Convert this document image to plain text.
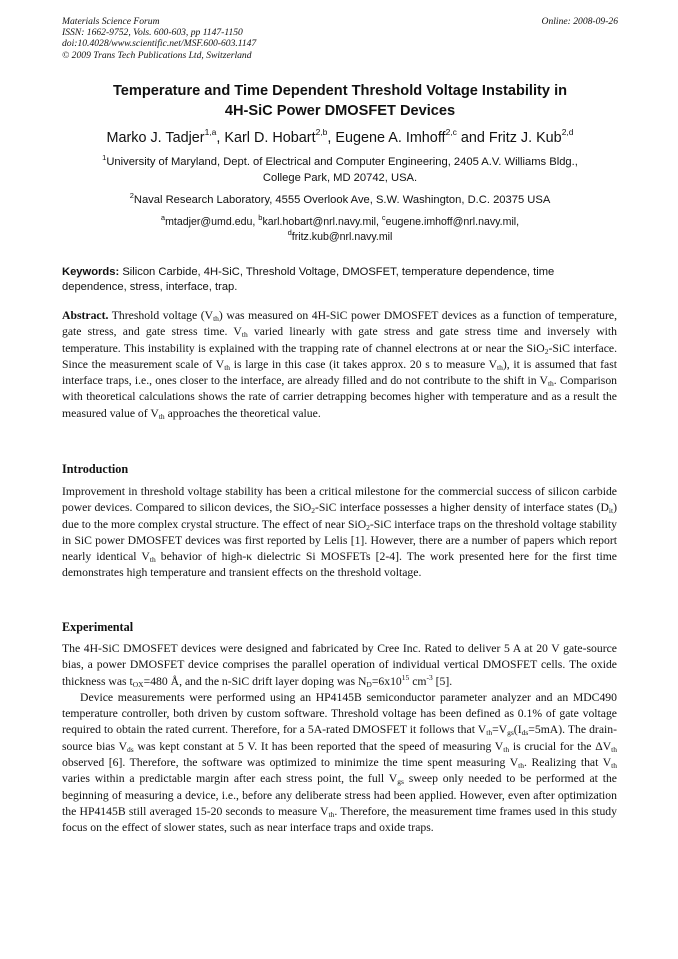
Materials Science Forum
ISSN: 1662-9752, Vols. 600-603, pp 1147-1150
doi:10.4028/www.scientific.net/MSF.600-603.1147
© 2009 Trans Tech Publications Ltd, Switzerland
Online: 2008-09-26
Temperature and Time Dependent Threshold Voltage Instability in
4H-SiC Power DMOSFET Devices
Marko J. Tadjer$^{1,a}$, Karl D. Hobart$^{2,b}$, Eugene A. Imhoff$^{2,c}$ and Fritz J. Kub$^{2,d}$
$^1$University of Maryland, Dept. of Electrical and Computer Engineering, 2405 A.V. Williams Bldg.,
College Park, MD 20742, USA.
$^2$Naval Research Laboratory, 4555 Overlook Ave, S.W. Washington, D.C. 20375 USA
$^a$mtadjer@umd.edu, $^b$karl.hobart@nrl.navy.mil, $^c$eugene.imhoff@nrl.navy.mil,
$^d$fritz.kub@nrl.navy.mil
Keywords: Silicon Carbide, 4H-SiC, Threshold Voltage, DMOSFET, temperature dependence, time dependence, stress, interface, trap.
Abstract. Threshold voltage $(V_{th})$ was measured on 4H-SiC power DMOSFET devices as a function of temperature, gate stress, and gate stress time. $V_{th}$ varied linearly with gate stress and gate stress time and inversely with temperature. This instability is explained with the trapping rate of channel electrons at or near the SiO$_2$-SiC interface. Since the measurement scale of $V_{th}$ is large in this case (it takes approx. 20 s to measure $V_{th}$), it is assumed that fast interface traps, i.e., ones closer to the interface, are already filled and do not contribute to the shift in $V_{th}$. Comparison with theoretical calculations shows the rate of carrier detrapping becomes higher with temperature and as a result the measured value of $V_{th}$ approaches the theoretical value.
Introduction
Improvement in threshold voltage stability has been a critical milestone for the commercial success of silicon carbide power devices. Compared to silicon devices, the SiO$_2$-SiC interface possesses a higher density of interface states $(D_{it})$ due to the more complex crystal structure. The effect of near SiO$_2$-SiC interface traps on the threshold voltage stability in SiC power DMOSFET devices was first reported by Lelis [1]. However, there are a number of papers which report nearly identical $V_{th}$ behavior of high-κ dielectric Si MOSFETs [2-4]. The work presented here for the first time demonstrates high temperature and transient effects on the threshold voltage.
Experimental
The 4H-SiC DMOSFET devices were designed and fabricated by Cree Inc. Rated to deliver 5 A at 20 V gate-source bias, a power DMOSFET device comprises the parallel operation of individual vertical DMOSFET cells. The oxide thickness was $t_{OX}=480$ Å, and the n-SiC drift layer doping was $N_D=6x10^{15}$ $cm^{-3}$ [5].
Device measurements were performed using an HP4145B semiconductor parameter analyzer and an MDC490 temperature controller, both driven by custom software. Threshold voltage has been defined as 0.1% of gate voltage required to obtain the rated current. Therefore, for a 5A-rated DMOSFET it follows that $V_{th}=V_{gs}(I_{ds}=5mA)$. The drain-source bias $V_{ds}$ was kept constant at 5 V. It has been reported that the speed of measuring $V_{th}$ is crucial for the $\Delta V_{th}$ observed [6]. Therefore, the software was optimized to minimize the time spent measuring $V_{th}$. Realizing that $V_{th}$ varies within a predictable margin after each stress point, the full $V_{gs}$ sweep only needed to be performed at the beginning of measuring a device, i.e., before any deliberate stress had been applied. However, even after optimization the HP4145B still averaged 15-20 seconds to measure $V_{th}$. Therefore, the measurement time frames used in this study focus on the effect of slower states, such as near interface traps and oxide traps.
